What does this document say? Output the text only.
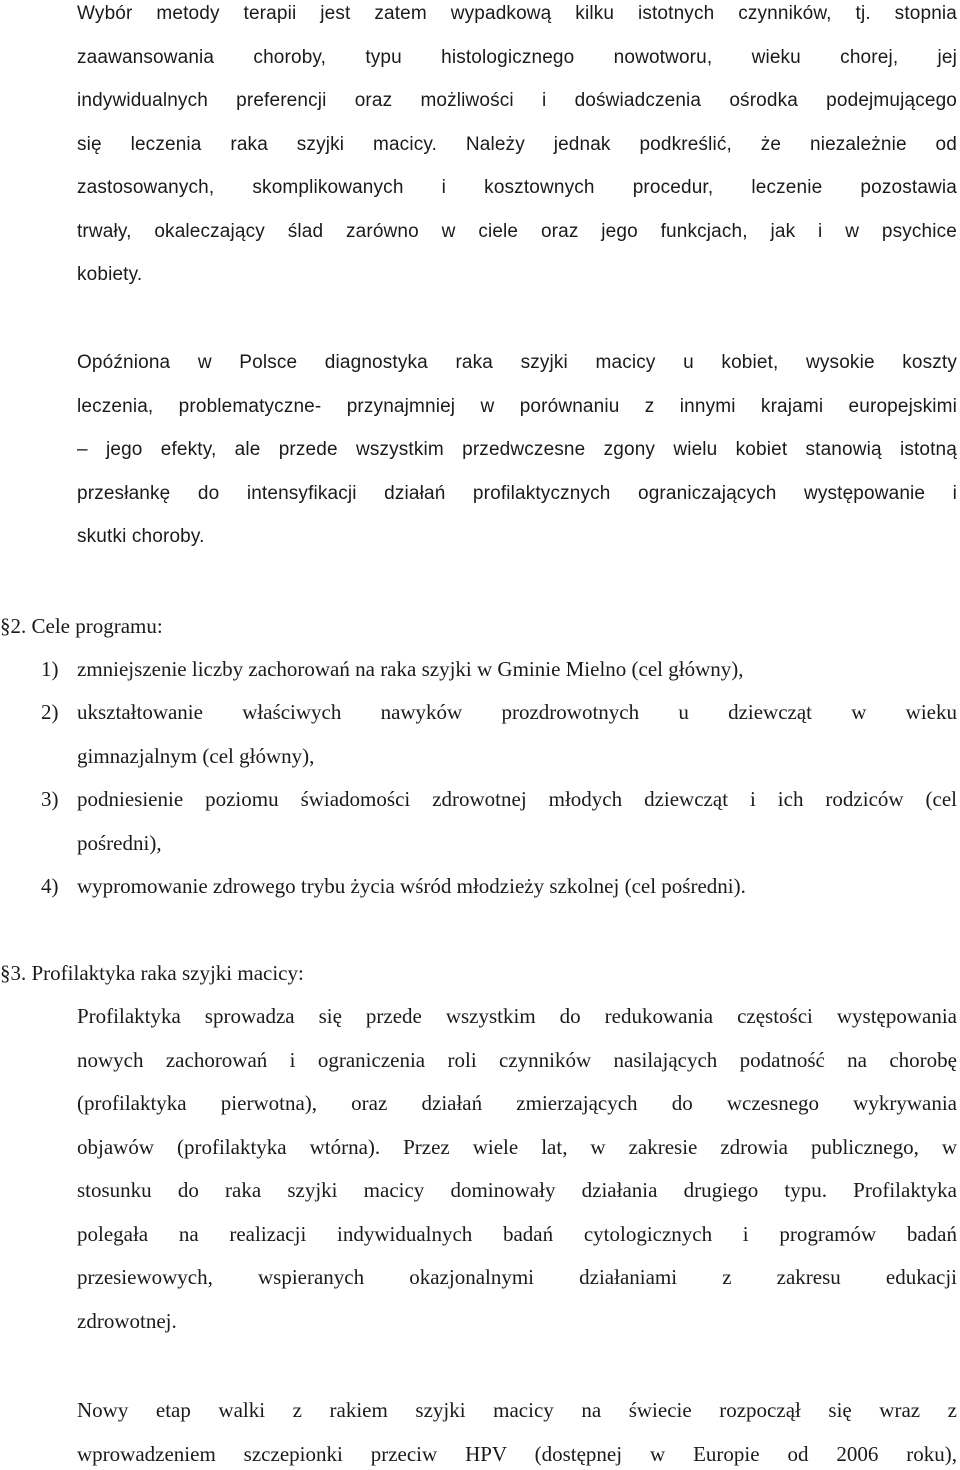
Wybór metody terapii jest zatem wypadkową kilku istotnych czynników, tj. stopnia
zaawansowania choroby, typu histologicznego nowotworu, wieku chorej, jej
indywidualnych preferencji oraz możliwości i doświadczenia ośrodka podejmującego
się leczenia raka szyjki macicy. Należy jednak podkreślić, że niezależnie od
zastosowanych, skomplikowanych i kosztownych procedur, leczenie pozostawia
trwały, okaleczający ślad zarówno w ciele oraz jego funkcjach, jak i w psychice
kobiety.
Opóźniona w Polsce diagnostyka raka szyjki macicy u kobiet, wysokie koszty
leczenia, problematyczne- przynajmniej w porównaniu z innymi krajami europejskimi
– jego efekty, ale przede wszystkim przedwczesne zgony wielu kobiet stanowią istotną
przesłankę do intensyfikacji działań profilaktycznych ograniczających występowanie i
skutki choroby.
§2. Cele programu:
1) zmniejszenie liczby zachorowań na raka szyjki w Gminie Mielno (cel główny),
2) ukształtowanie właściwych nawyków prozdrowotnych u dziewcząt w wieku
gimnazjalnym (cel główny),
3) podniesienie poziomu świadomości zdrowotnej młodych dziewcząt i ich rodziców (cel
pośredni),
4) wypromowanie zdrowego trybu życia wśród młodzieży szkolnej (cel pośredni).
§3. Profilaktyka raka szyjki macicy:
Profilaktyka sprowadza się przede wszystkim do redukowania częstości występowania
nowych zachorowań i ograniczenia roli czynników nasilających podatność na chorobę
(profilaktyka pierwotna), oraz działań zmierzających do wczesnego wykrywania
objawów (profilaktyka wtórna). Przez wiele lat, w zakresie zdrowia publicznego, w
stosunku do raka szyjki macicy dominowały działania drugiego typu. Profilaktyka
polegała na realizacji indywidualnych badań cytologicznych i programów badań
przesiewowych, wspieranych okazjonalnymi działaniami z zakresu edukacji
zdrowotnej.
Nowy etap walki z rakiem szyjki macicy na świecie rozpoczął się wraz z
wprowadzeniem szczepionki przeciw HPV (dostępnej w Europie od 2006 roku),
